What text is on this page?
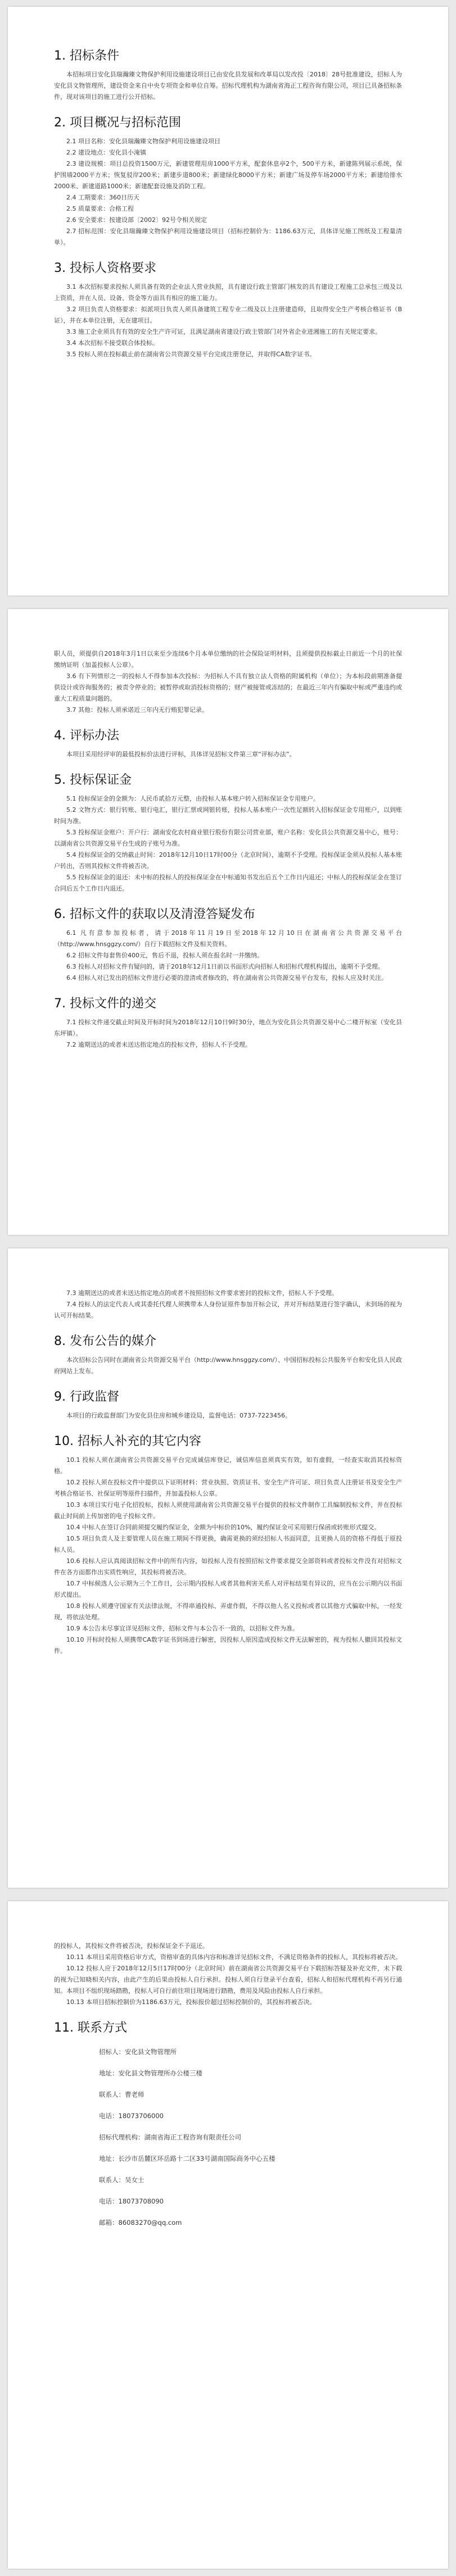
1. 招标条件

本招标项目安化县瑞瀚臻文物保护利用设施建设项目已由安化县发展和改革局以发改投〔2018〕28号批准建设，招标人为安化县文物管理所，建设资金来自中央专项资金和单位自筹。招标代理机构为湖南省海正工程咨询有限公司，项目已具备招标条件，现对该项目的施工进行公开招标。

2. 项目概况与招标范围

2.1 项目名称：安化县瑞瀚臻文物保护利用设施建设项目

2.2 建设地点：安化县小淹镇

2.3 建设规模：项目总投资1500万元，新建管理用房1000平方米，配套休息亭2个，500平方米，新建陈列展示系统，保护围墙2000平方米；恢复驳岸200米；新建步道800米；新建绿化8000平方米；新建广场及停车场2000平方米；新建给排水2000米、新建道路1000米；新建配套设施及消防工程。

2.4 工期要求：360日历天

2.5 质量要求：合格工程

2.6 安全要求：按建设部〔2002〕92号令相关规定

2.7 招标范围：安化县瑞瀚臻文物保护利用设施建设项目（招标控制价为：1186.63万元，具体详见施工图纸及工程量清单）。

3. 投标人资格要求

3.1 本次招标要求投标人须具备有效的企业法人营业执照，具有建设行政主管部门核发的具有建设工程施工总承包三级及以上资质，并在人员、设备、资金等方面具有相应的施工能力。

3.2 项目负责人资格要求：拟派项目负责人须具备建筑工程专业二级及以上注册建造师，且取得安全生产考核合格证书（B证），并在本单位注册，无在建项目。

3.3 施工企业须具有有效的安全生产许可证，且满足湖南省建设行政主管部门对外省企业进湘施工的有关规定要求。

3.4 本次招标不接受联合体投标。

3.5 投标人须在投标截止前在湖南省公共资源交易平台完成注册登记，并取得CA数字证书。

职人员，须提供自2018年3月1日以来至少连续6个月本单位缴纳的社会保险证明材料，且须提供投标截止日前近一个月的社保缴纳证明（加盖投标人公章）。

3.6 有下列情形之一的投标人不得参加本次投标：为招标人不具有独立法人资格的附属机构（单位）；为本标段前期准备提供设计或咨询服务的；被责令停业的；被暂停或取消投标资格的；财产被接管或冻结的；在最近三年内有骗取中标或严重违约或重大工程质量问题的。

3.7 其他：投标人须承诺近三年内无行贿犯罪记录。

4. 评标办法

本项目采用经评审的最低投标价法进行评标，具体详见招标文件第三章“评标办法”。

5. 投标保证金

5.1 投标保证金的金额为：人民币贰拾万元整，由投标人基本账户转入招标保证金专用账户。

5.2 文物方式：银行转账、银行电汇，银行汇票或网银转账，投标人基本账户一次性足额转入招标保证金专用账户，以到账时间为准。

5.3 投标保证金账户：开户行：湖南安化农村商业银行股份有限公司营业部，账户名称：安化县公共资源交易中心，账号：以湖南省公共资源交易平台生成的子账号为准。

5.4 投标保证金的交纳截止时间：2018年12月10日17时00分（北京时间），逾期不予受理。投标保证金须从投标人基本账户转出，否则其投标文件将被否决。

5.5 投标保证金的退还：未中标的投标人的投标保证金在中标通知书发出后五个工作日内退还；中标人的投标保证金在签订合同后五个工作日内退还。

6. 招标文件的获取以及清澄答疑发布

6.1 凡有意参加投标者，请于2018年11月19日至2018年12月10日在湖南省公共资源交易平台（http://www.hnsggzy.com/）自行下载招标文件及相关资料。

6.2 招标文件每套售价400元，售后不退，投标人须在报名时一并缴纳。

6.3 投标人对招标文件有疑问的，请于2018年12月1日前以书面形式向招标人和招标代理机构提出，逾期不予受理。

6.4 招标人对已发出的招标文件进行必要的澄清或者修改的，将在湖南省公共资源交易平台发布，投标人应及时关注。

7. 投标文件的递交

7.1 投标文件递交截止时间及开标时间为2018年12月10日9时30分，地点为安化县公共资源交易中心二楼开标室（安化县东坪镇）。

7.2 逾期送达的或者未送达指定地点的投标文件，招标人不予受理。

7.3 逾期送达的或者未送达指定地点的或者不按照招标文件要求密封的投标文件，招标人不予受理。

7.4 投标人的法定代表人或其委托代理人须携带本人身份证原件参加开标会议，并对开标结果进行签字确认，未到场的视为认可开标结果。

8. 发布公告的媒介

本次招标公告同时在湖南省公共资源交易平台（http://www.hnsggzy.com/）、中国招标投标公共服务平台和安化县人民政府网站上发布。

9. 行政监督

本项目的行政监督部门为安化县住房和城乡建设局，监督电话：0737-7223456。

10. 招标人补充的其它内容

10.1 投标人须在湖南省公共资源交易平台完成诚信库登记，诚信库信息须真实有效，如有虚假，一经查实取消其投标资格。

10.2 投标人须在投标文件中提供以下证明材料：营业执照、资质证书、安全生产许可证、项目负责人注册证书及安全生产考核合格证书、社保证明等原件扫描件，并加盖投标人公章。

10.3 本项目实行电子化招投标，投标人须使用湖南省公共资源交易平台提供的投标文件制作工具编制投标文件，并在投标截止时间前上传加密的电子投标文件。

10.4 中标人在签订合同前须提交履约保证金，金额为中标价的10%，履约保证金可采用银行保函或转账形式提交。

10.5 项目负责人及主要管理人员在施工期间不得更换，确需更换的须经招标人书面同意，且更换人员的资格不得低于原投标人员。

10.6 投标人应认真阅读招标文件中的所有内容，如投标人没有按照招标文件要求提交全部资料或者投标文件没有对招标文件在各方面都作出实质性响应，其投标将被否决。

10.7 中标候选人公示期为三个工作日，公示期内投标人或者其他利害关系人对评标结果有异议的，应当在公示期内以书面形式提出。

10.8 投标人须遵守国家有关法律法规，不得串通投标、弄虚作假，不得以他人名义投标或者以其他方式骗取中标，一经发现，将依法处理。

10.9 本公告未尽事宜详见招标文件，招标文件与本公告不一致的，以招标文件为准。

10.10 开标时投标人须携带CA数字证书到场进行解密，因投标人原因造成投标文件无法解密的，视为投标人撤回其投标文件。

的投标人，其投标文件将被否决，投标保证金不予退还。

10.11 本项目采用资格后审方式，资格审查的具体内容和标准详见招标文件，不满足资格条件的投标人，其投标将被否决。

10.12 投标人应于2018年12月5日17时00分（北京时间）前在湖南省公共资源交易平台下载招标答疑及补充文件，未下载的视为已知晓相关内容，由此产生的后果由投标人自行承担。投标人须自行登录平台查看，招标人和招标代理机构不再另行通知。本项目不组织现场踏勘，投标人可自行前往项目现场进行踏勘，费用及风险由投标人自行承担。

10.13 本项目招标控制价为1186.63万元，投标报价超过招标控制价的，其投标将被否决。

11. 联系方式
招标人：安化县文物管理所
地址：安化县文物管理所办公楼三楼
联系人：曹老师
电话：18073706000
招标代理机构：湖南省海正工程咨询有限责任公司
地址：长沙市岳麓区环岳路十二区33号湖南国际商务中心五楼
联系人：吴女士
电话：18073708090
邮箱：86083270@qq.com
